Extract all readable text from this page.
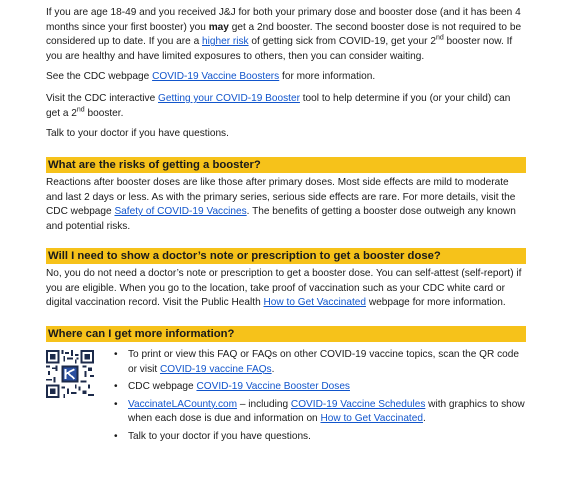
If you are age 18-49 and you received J&J for both your primary dose and booster dose (and it has been 4 months since your first booster) you may get a 2nd booster. The second booster dose is not required to be considered up to date. If you are a higher risk of getting sick from COVID-19, get your 2nd booster now. If you are healthy and have limited exposures to others, then you can consider waiting.

See the CDC webpage COVID-19 Vaccine Boosters for more information.

Visit the CDC interactive Getting your COVID-19 Booster tool to help determine if you (or your child) can get a 2nd booster.

Talk to your doctor if you have questions.

What are the risks of getting a booster?

Reactions after booster doses are like those after primary doses. Most side effects are mild to moderate and last 2 days or less. As with the primary series, serious side effects are rare. For more details, visit the CDC webpage Safety of COVID-19 Vaccines. The benefits of getting a booster dose outweigh any known and potential risks.

Will I need to show a doctor’s note or prescription to get a booster dose?

No, you do not need a doctor’s note or prescription to get a booster dose. You can self-attest (self-report) if you are eligible. When you go to the location, take proof of vaccination such as your CDC white card or digital vaccination record. Visit the Public Health How to Get Vaccinated webpage for more information.

Where can I get more information?
• To print or view this FAQ or FAQs on other COVID-19 vaccine topics, scan the QR code or visit COVID-19 vaccine FAQs.
• CDC webpage COVID-19 Vaccine Booster Doses
• VaccinateLACounty.com – including COVID-19 Vaccine Schedules with graphics to show when each dose is due and information on How to Get Vaccinated.
• Talk to your doctor if you have questions.
